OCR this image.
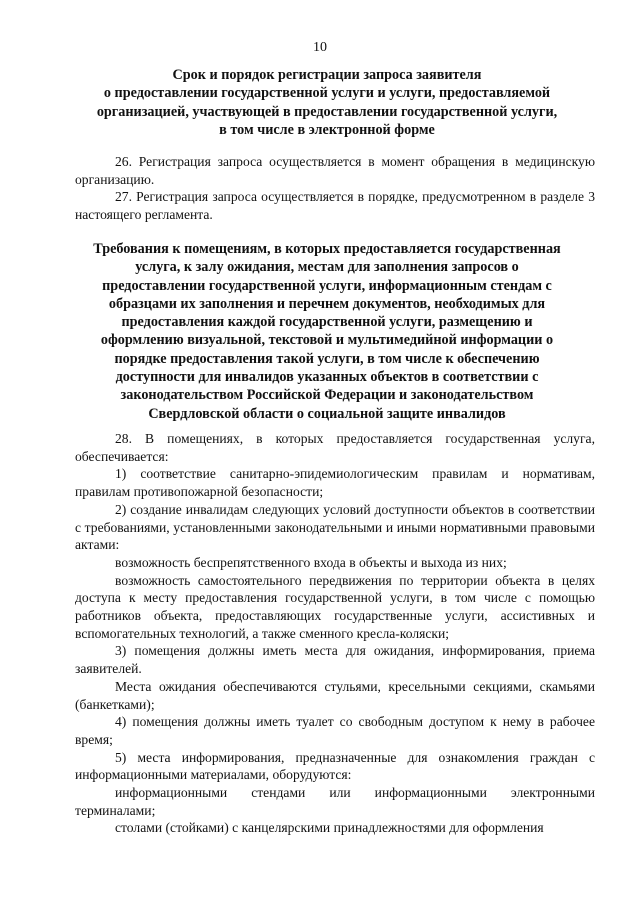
10
Срок и порядок регистрации запроса заявителя
о предоставлении государственной услуги и услуги, предоставляемой
организацией, участвующей в предоставлении государственной услуги,
в том числе в электронной форме

26. Регистрация запроса осуществляется в момент обращения в медицинскую организацию.

27. Регистрация запроса осуществляется в порядке, предусмотренном в разделе 3 настоящего регламента.

Требования к помещениям, в которых предоставляется государственная
услуга, к залу ожидания, местам для заполнения запросов о
предоставлении государственной услуги, информационным стендам с
образцами их заполнения и перечнем документов, необходимых для
предоставления каждой государственной услуги, размещению и
оформлению визуальной, текстовой и мультимедийной информации о
порядке предоставления такой услуги, в том числе к обеспечению
доступности для инвалидов указанных объектов в соответствии с
законодательством Российской Федерации и законодательством
Свердловской области о социальной защите инвалидов

28. В помещениях, в которых предоставляется государственная услуга, обеспечивается:

1) соответствие санитарно-эпидемиологическим правилам и нормативам, правилам противопожарной безопасности;

2) создание инвалидам следующих условий доступности объектов в соответствии с требованиями, установленными законодательными и иными нормативными правовыми актами:

возможность беспрепятственного входа в объекты и выхода из них;

возможность самостоятельного передвижения по территории объекта в целях доступа к месту предоставления государственной услуги, в том числе с помощью работников объекта, предоставляющих государственные услуги, ассистивных и вспомогательных технологий, а также сменного кресла-коляски;

3) помещения должны иметь места для ожидания, информирования, приема заявителей.

Места ожидания обеспечиваются стульями, кресельными секциями, скамьями (банкетками);

4) помещения должны иметь туалет со свободным доступом к нему в рабочее время;

5) места информирования, предназначенные для ознакомления граждан с информационными материалами, оборудуются:

информационными стендами или информационными электронными терминалами;

столами (стойками) с канцелярскими принадлежностями для оформления
